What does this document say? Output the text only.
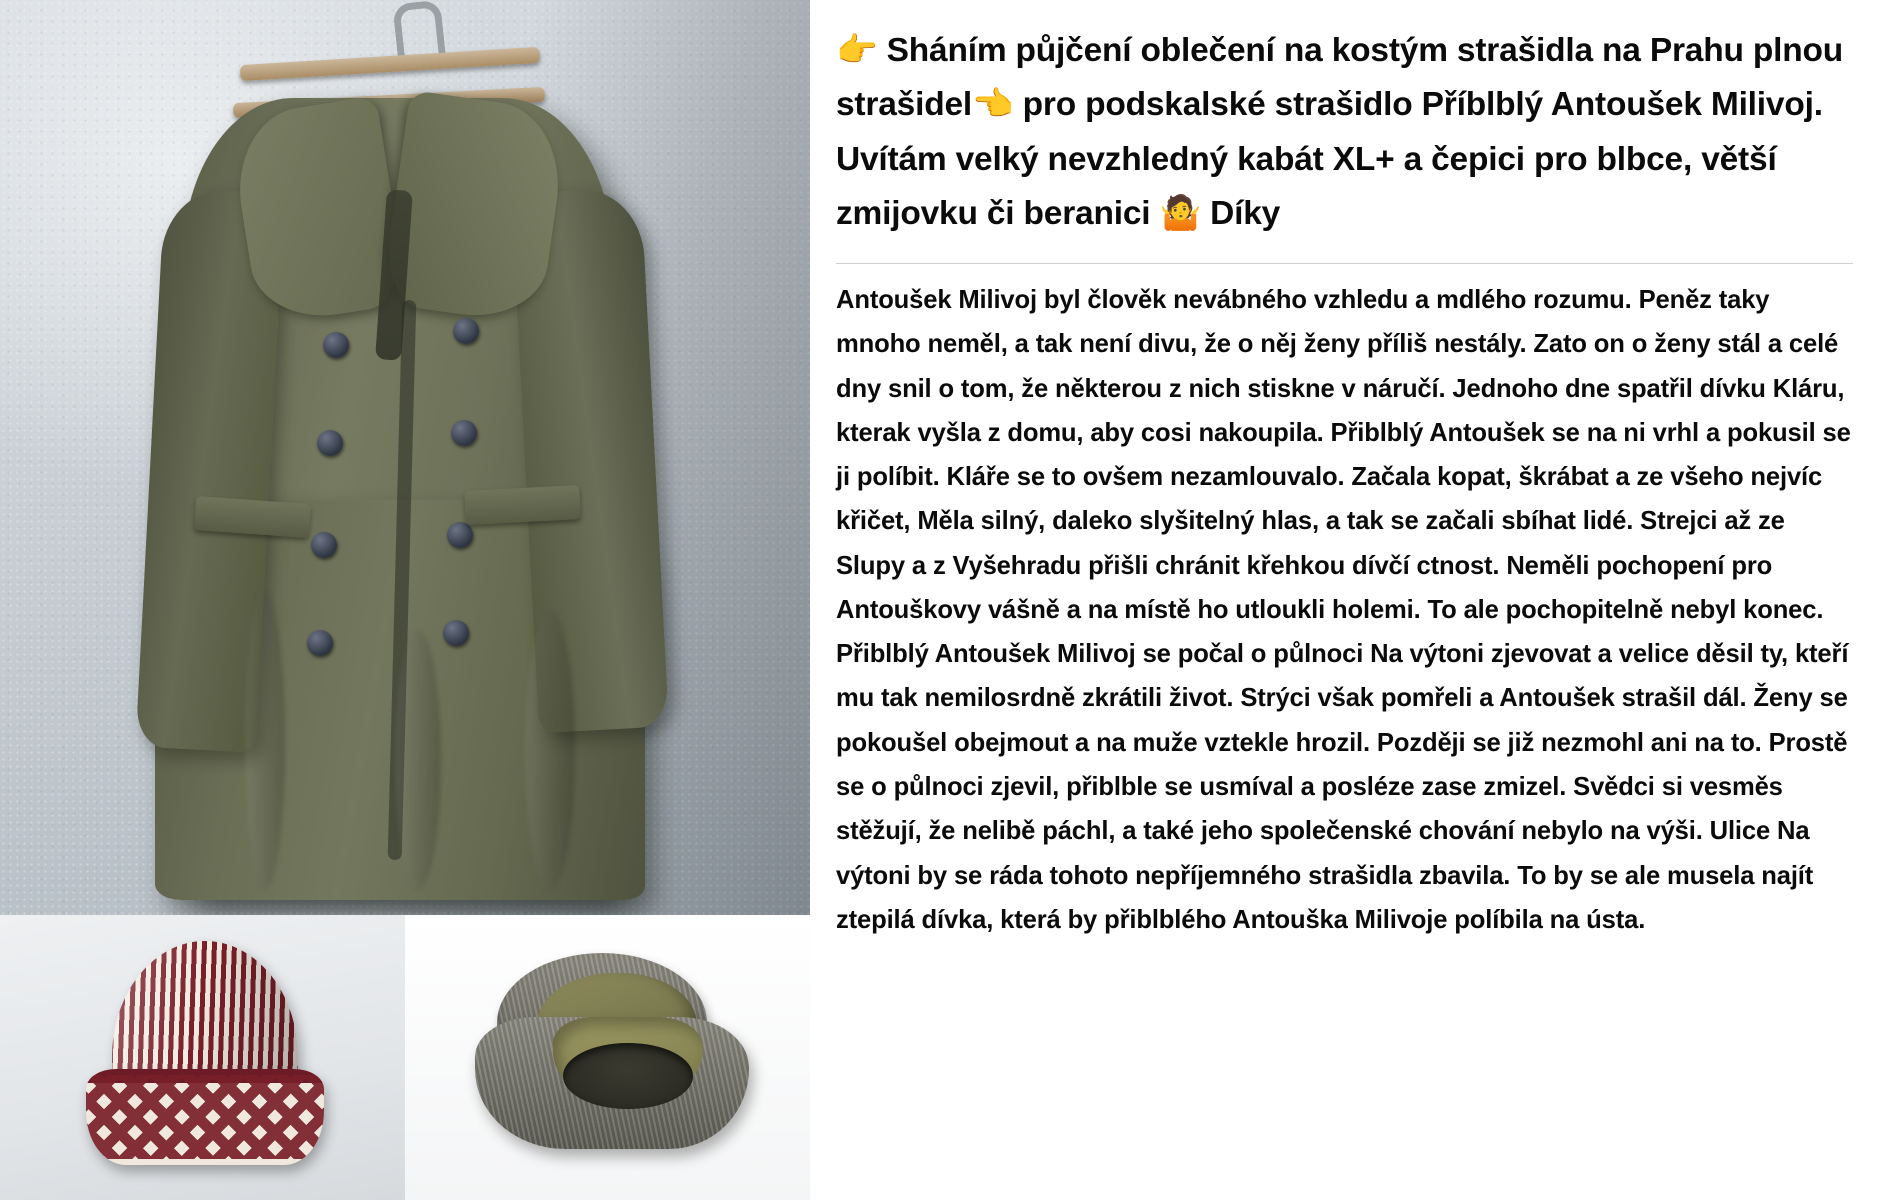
👉 Sháním půjčení oblečení na kostým strašidla na Prahu plnou strašidel👈 pro podskalské strašidlo Příblblý Antoušek Milivoj. Uvítám velký nevzhledný kabát XL+ a čepici pro blbce, větší zmijovku či beranici 🤷 Díky

Antoušek Milivoj byl člověk nevábného vzhledu a mdlého rozumu. Peněz taky mnoho neměl, a tak není divu, že o něj ženy příliš nestály. Zato on o ženy stál a celé dny snil o tom, že některou z nich stiskne v náručí. Jednoho dne spatřil dívku Kláru, kterak vyšla z domu, aby cosi nakoupila. Přiblblý Antoušek se na ni vrhl a pokusil se ji políbit. Kláře se to ovšem nezamlouvalo. Začala kopat, škrábat a ze všeho nejvíc křičet, Měla silný, daleko slyšitelný hlas, a tak se začali sbíhat lidé. Strejci až ze Slupy a z Vyšehradu přišli chránit křehkou dívčí ctnost. Neměli pochopení pro Antouškovy vášně a na místě ho utloukli holemi. To ale pochopitelně nebyl konec. Přiblblý Antoušek Milivoj se počal o půlnoci Na výtoni zjevovat a velice děsil ty, kteří mu tak nemilosrdně zkrátili život. Strýci však pomřeli a Antoušek strašil dál. Ženy se pokoušel obejmout a na muže vztekle hrozil. Později se již nezmohl ani na to. Prostě se o půlnoci zjevil, přiblble se usmíval a posléze zase zmizel. Svědci si vesměs stěžují, že nelibě páchl, a také jeho společenské chování nebylo na výši. Ulice Na výtoni by se ráda tohoto nepříjemného strašidla zbavila. To by se ale musela najít ztepilá dívka, která by přiblblého Antouška Milivoje políbila na ústa.
